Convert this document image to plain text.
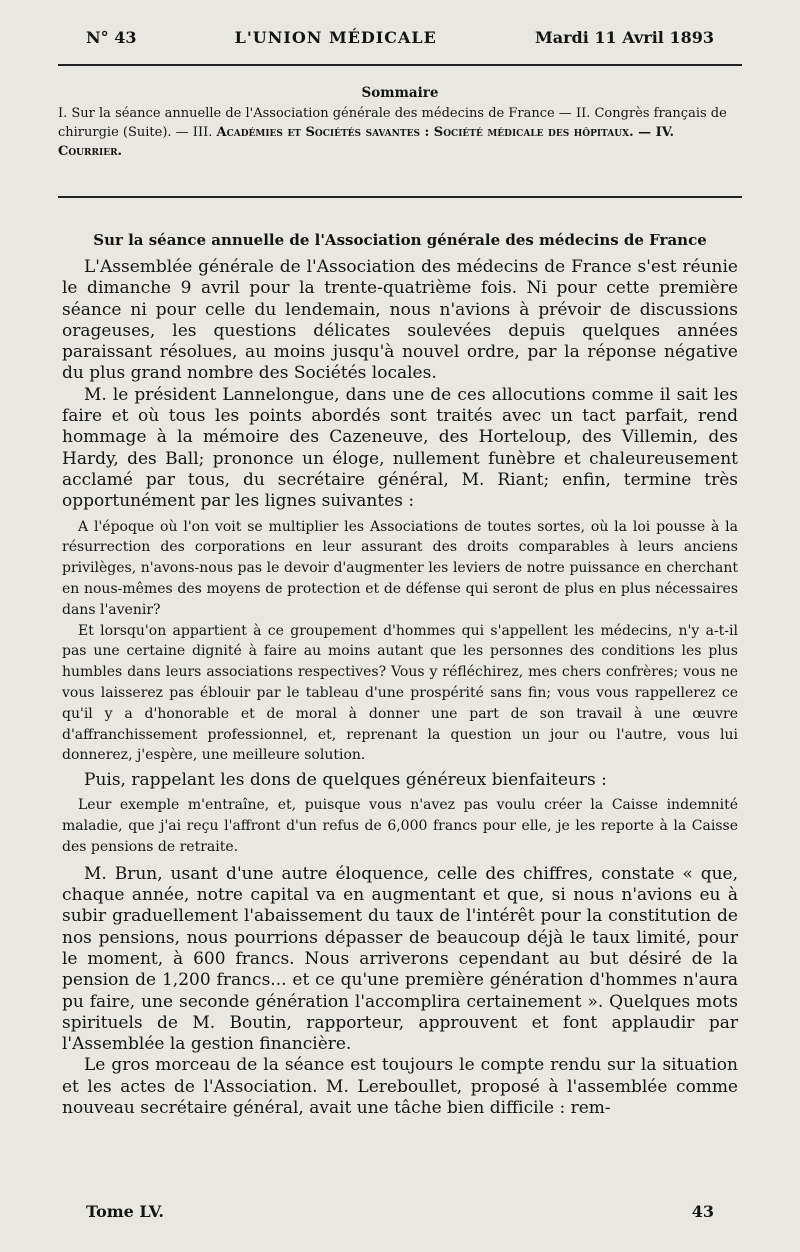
N° 43	L'UNION MÉDICALE	Mardi 11 Avril 1893
Sommaire

I. Sur la séance annuelle de l'Association générale des médecins de France — II. Congrès français de chirurgie (Suite). — III. Académies et Sociétés savantes : Société médicale des hôpitaux. — IV. Courrier.

Sur la séance annuelle de l'Association générale des médecins de France

L'Assemblée générale de l'Association des médecins de France s'est réunie le dimanche 9 avril pour la trente-quatrième fois. Ni pour cette première séance ni pour celle du lendemain, nous n'avions à prévoir de discussions orageuses, les questions délicates soulevées depuis quelques années paraissant résolues, au moins jusqu'à nouvel ordre, par la réponse négative du plus grand nombre des Sociétés locales.

M. le président Lannelongue, dans une de ces allocutions comme il sait les faire et où tous les points abordés sont traités avec un tact parfait, rend hommage à la mémoire des Cazeneuve, des Horteloup, des Villemin, des Hardy, des Ball; prononce un éloge, nullement funèbre et chaleureusement acclamé par tous, du secrétaire général, M. Riant; enfin, termine très opportunément par les lignes suivantes :

A l'époque où l'on voit se multiplier les Associations de toutes sortes, où la loi pousse à la résurrection des corporations en leur assurant des droits comparables à leurs anciens privilèges, n'avons-nous pas le devoir d'augmenter les leviers de notre puissance en cherchant en nous-mêmes des moyens de protection et de défense qui seront de plus en plus nécessaires dans l'avenir?

Et lorsqu'on appartient à ce groupement d'hommes qui s'appellent les médecins, n'y a-t-il pas une certaine dignité à faire au moins autant que les personnes des conditions les plus humbles dans leurs associations respectives? Vous y réfléchirez, mes chers confrères; vous ne vous laisserez pas éblouir par le tableau d'une prospérité sans fin; vous vous rappellerez ce qu'il y a d'honorable et de moral à donner une part de son travail à une œuvre d'affranchissement professionnel, et, reprenant la question un jour ou l'autre, vous lui donnerez, j'espère, une meilleure solution.

Puis, rappelant les dons de quelques généreux bienfaiteurs :

Leur exemple m'entraîne, et, puisque vous n'avez pas voulu créer la Caisse indemnité maladie, que j'ai reçu l'affront d'un refus de 6,000 francs pour elle, je les reporte à la Caisse des pensions de retraite.

M. Brun, usant d'une autre éloquence, celle des chiffres, constate « que, chaque année, notre capital va en augmentant et que, si nous n'avions eu à subir graduellement l'abaissement du taux de l'intérêt pour la constitution de nos pensions, nous pourrions dépasser de beaucoup déjà le taux limité, pour le moment, à 600 francs. Nous arriverons cependant au but désiré de la pension de 1,200 francs... et ce qu'une première génération d'hommes n'aura pu faire, une seconde génération l'accomplira certainement ». Quelques mots spirituels de M. Boutin, rapporteur, approuvent et font applaudir par l'Assemblée la gestion financière.

Le gros morceau de la séance est toujours le compte rendu sur la situation et les actes de l'Association. M. Lereboullet, proposé à l'assemblée comme nouveau secrétaire général, avait une tâche bien difficile : rem-

Tome LV.	43
